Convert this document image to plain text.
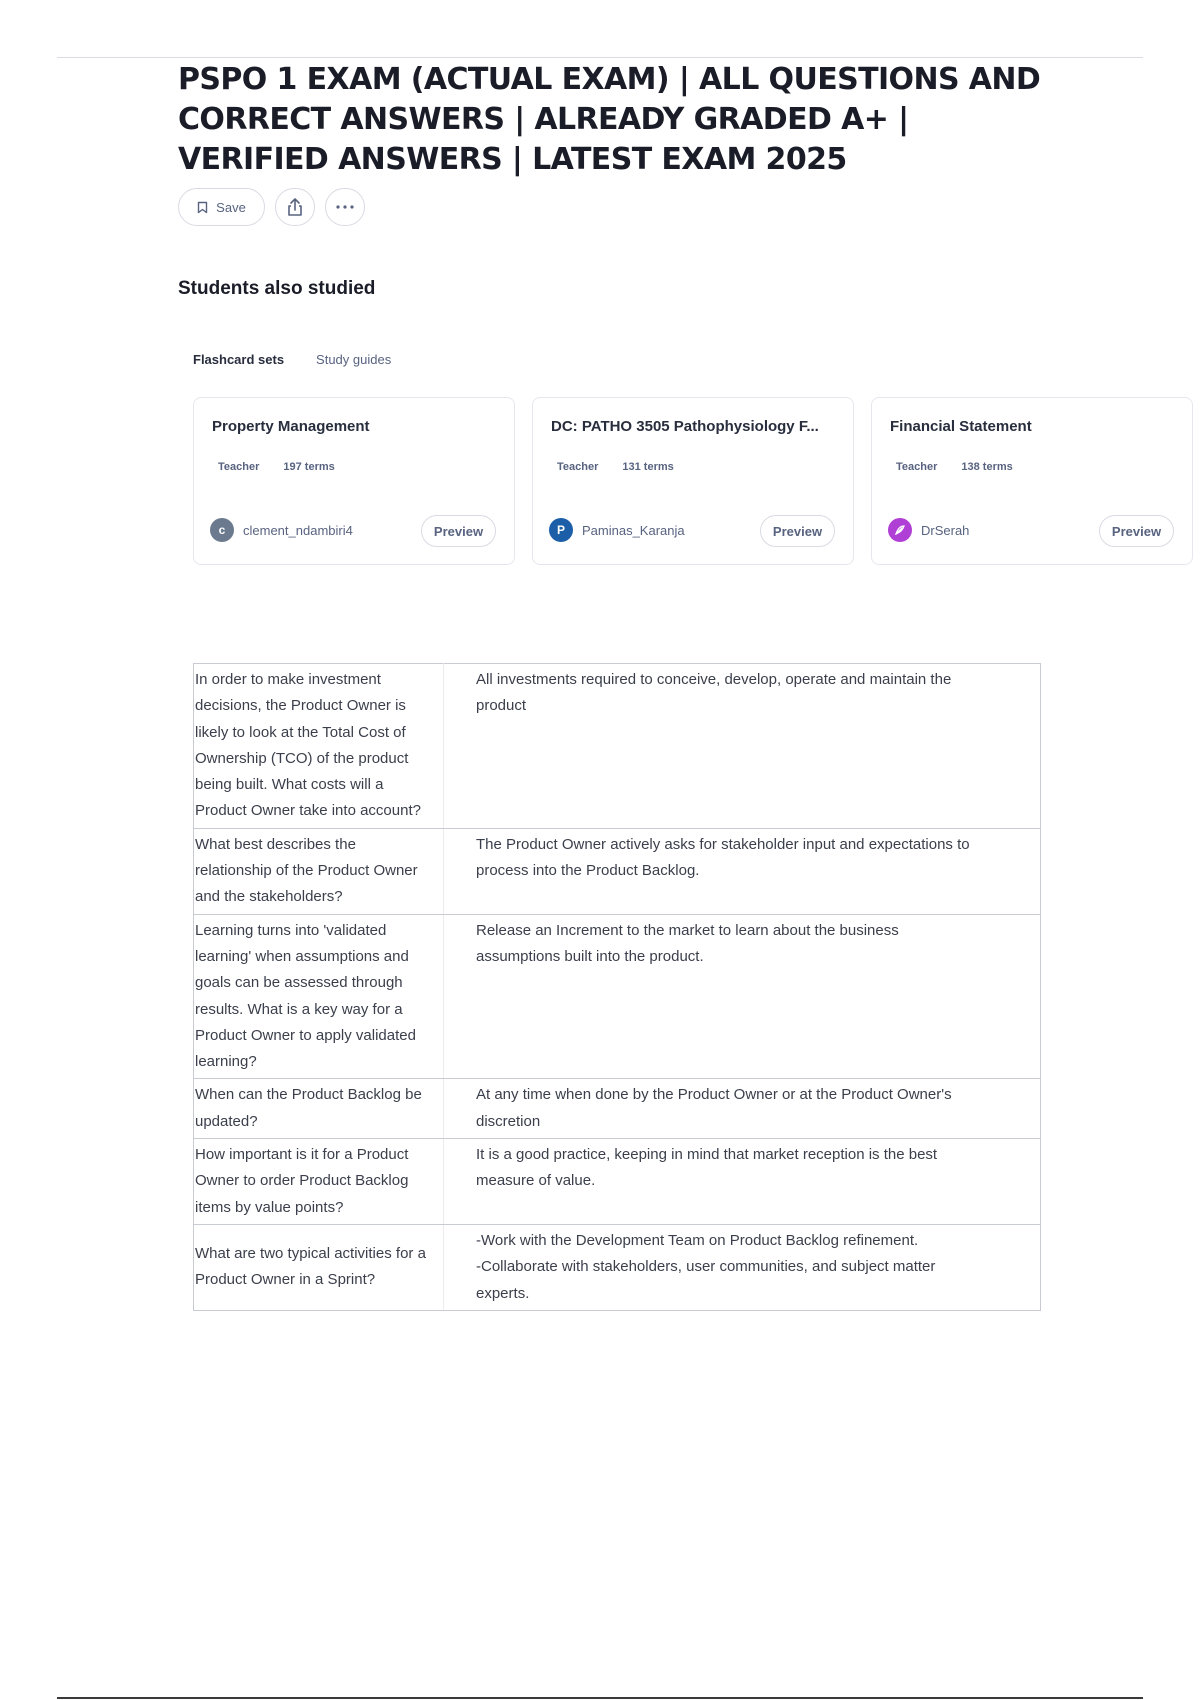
PSPO 1 EXAM (ACTUAL EXAM) | ALL QUESTIONS AND CORRECT ANSWERS | ALREADY GRADED A+ | VERIFIED ANSWERS | LATEST EXAM 2025
Save
Students also studied
Flashcard sets Study guides
Property Management
Teacher 197 terms
c	clement_ndambiri4	Preview
DC: PATHO 3505 Pathophysiology F...
Teacher 131 terms
P	Paminas_Karanja	Preview
Financial Statement
Teacher 138 terms
DrSerah	Preview
In order to make investment decisions, the Product Owner is likely to look at the Total Cost of Ownership (TCO) of the product being built. What costs will a Product Owner take into account?	All investments required to conceive, develop, operate and maintain the product

What best describes the relationship of the Product Owner and the stakeholders?	The Product Owner actively asks for stakeholder input and expectations to process into the Product Backlog.

Learning turns into 'validated learning' when assumptions and goals can be assessed through results. What is a key way for a Product Owner to apply validated learning?	Release an Increment to the market to learn about the business assumptions built into the product.

When can the Product Backlog be updated?	At any time when done by the Product Owner or at the Product Owner's discretion

How important is it for a Product Owner to order Product Backlog items by value points?	It is a good practice, keeping in mind that market reception is the best measure of value.

What are two typical activities for a Product Owner in a Sprint?	-Work with the Development Team on Product Backlog refinement.
-Collaborate with stakeholders, user communities, and subject matter experts.
